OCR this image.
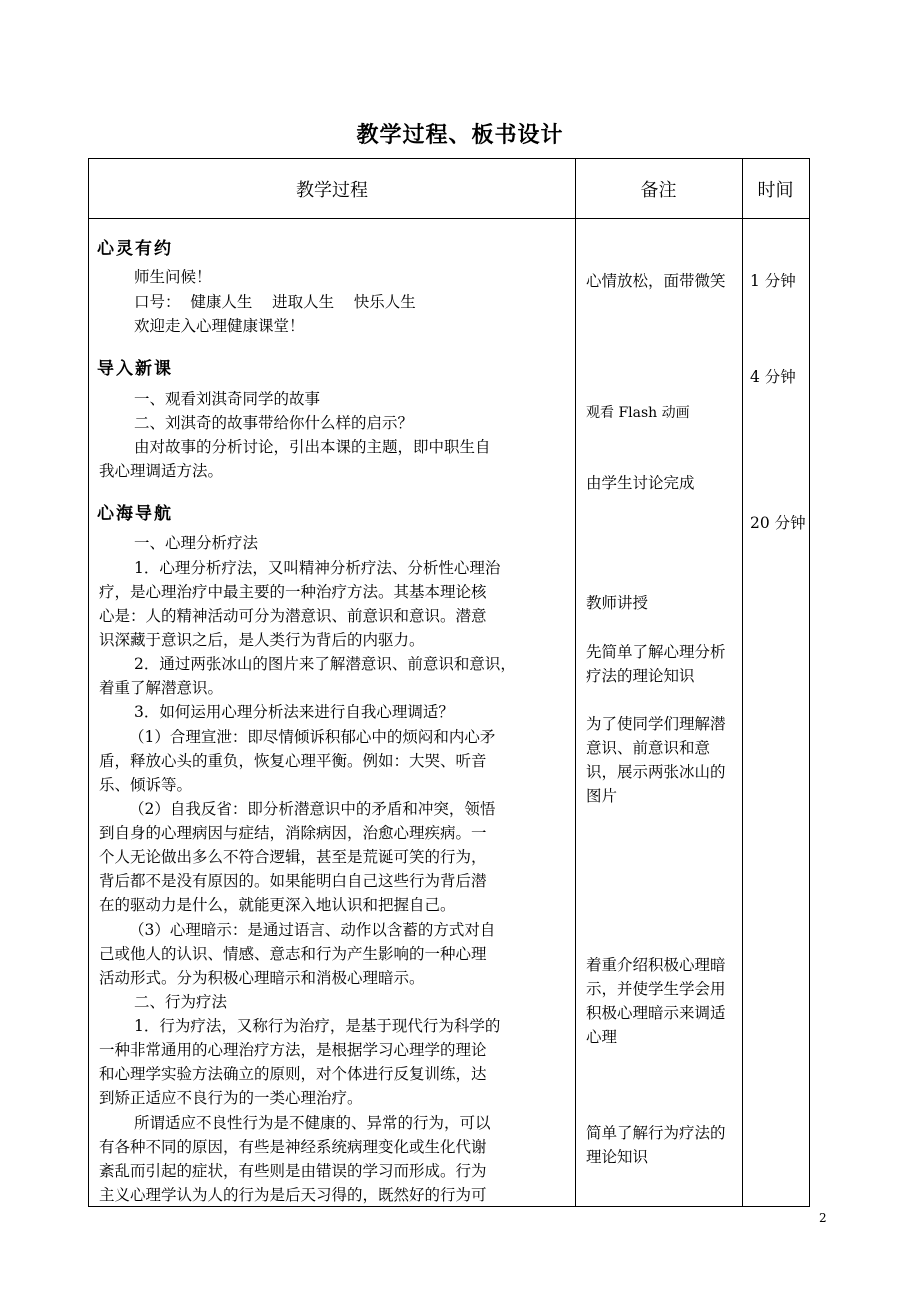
教学过程、板书设计
教学过程	备注	时间
心灵有约
师生问候！
口号：  健康人生    进取人生    快乐人生
欢迎走入心理健康课堂！
导入新课
一、观看刘淇奇同学的故事
二、刘淇奇的故事带给你什么样的启示？
由对故事的分析讨论，引出本课的主题，即中职生自
我心理调适方法。
心海导航
一、心理分析疗法
1．心理分析疗法，又叫精神分析疗法、分析性心理治
疗，是心理治疗中最主要的一种治疗方法。其基本理论核
心是：人的精神活动可分为潜意识、前意识和意识。潜意
识深藏于意识之后，是人类行为背后的内驱力。
2．通过两张冰山的图片来了解潜意识、前意识和意识，
着重了解潜意识。
3．如何运用心理分析法来进行自我心理调适？
（1）合理宣泄：即尽情倾诉积郁心中的烦闷和内心矛
盾，释放心头的重负，恢复心理平衡。例如：大哭、听音
乐、倾诉等。
（2）自我反省：即分析潜意识中的矛盾和冲突，领悟
到自身的心理病因与症结，消除病因，治愈心理疾病。一
个人无论做出多么不符合逻辑，甚至是荒诞可笑的行为，
背后都不是没有原因的。如果能明白自己这些行为背后潜
在的驱动力是什么，就能更深入地认识和把握自己。
（3）心理暗示：是通过语言、动作以含蓄的方式对自
己或他人的认识、情感、意志和行为产生影响的一种心理
活动形式。分为积极心理暗示和消极心理暗示。
二、行为疗法
1．行为疗法，又称行为治疗，是基于现代行为科学的
一种非常通用的心理治疗方法，是根据学习心理学的理论
和心理学实验方法确立的原则，对个体进行反复训练，达
到矫正适应不良行为的一类心理治疗。
所谓适应不良性行为是不健康的、异常的行为，可以
有各种不同的原因，有些是神经系统病理变化或生化代谢
紊乱而引起的症状，有些则是由错误的学习而形成。行为
主义心理学认为人的行为是后天习得的，既然好的行为可
心情放松，面带微笑
观看 Flash 动画
由学生讨论完成
教师讲授
先简单了解心理分析疗法的理论知识
为了使同学们理解潜意识、前意识和意识，展示两张冰山的图片
着重介绍积极心理暗示，并使学生学会用积极心理暗示来调适心理
简单了解行为疗法的理论知识
1 分钟
4 分钟
20 分钟
2
